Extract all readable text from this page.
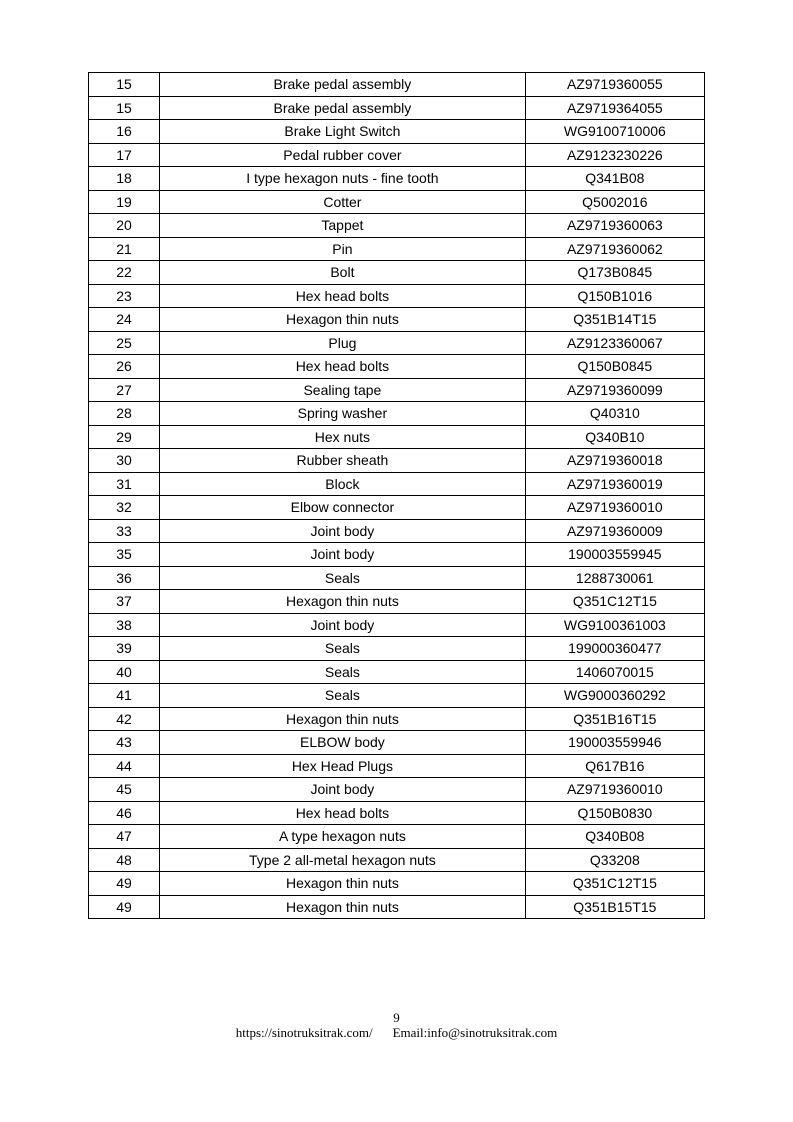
15	Brake pedal assembly	AZ9719360055
15	Brake pedal assembly	AZ9719364055
16	Brake Light Switch	WG9100710006
17	Pedal rubber cover	AZ9123230226
18	I type hexagon nuts - fine tooth	Q341B08
19	Cotter	Q5002016
20	Tappet	AZ9719360063
21	Pin	AZ9719360062
22	Bolt	Q173B0845
23	Hex head bolts	Q150B1016
24	Hexagon thin nuts	Q351B14T15
25	Plug	AZ9123360067
26	Hex head bolts	Q150B0845
27	Sealing tape	AZ9719360099
28	Spring washer	Q40310
29	Hex nuts	Q340B10
30	Rubber sheath	AZ9719360018
31	Block	AZ9719360019
32	Elbow connector	AZ9719360010
33	Joint body	AZ9719360009
35	Joint body	190003559945
36	Seals	1288730061
37	Hexagon thin nuts	Q351C12T15
38	Joint body	WG9100361003
39	Seals	199000360477
40	Seals	1406070015
41	Seals	WG9000360292
42	Hexagon thin nuts	Q351B16T15
43	ELBOW body	190003559946
44	Hex Head Plugs	Q617B16
45	Joint body	AZ9719360010
46	Hex head bolts	Q150B0830
47	A type hexagon nuts	Q340B08
48	Type 2 all-metal hexagon nuts	Q33208
49	Hexagon thin nuts	Q351C12T15
49	Hexagon thin nuts	Q351B15T15
9
https://sinotruksitrak.com/ Email:info@sinotruksitrak.com
